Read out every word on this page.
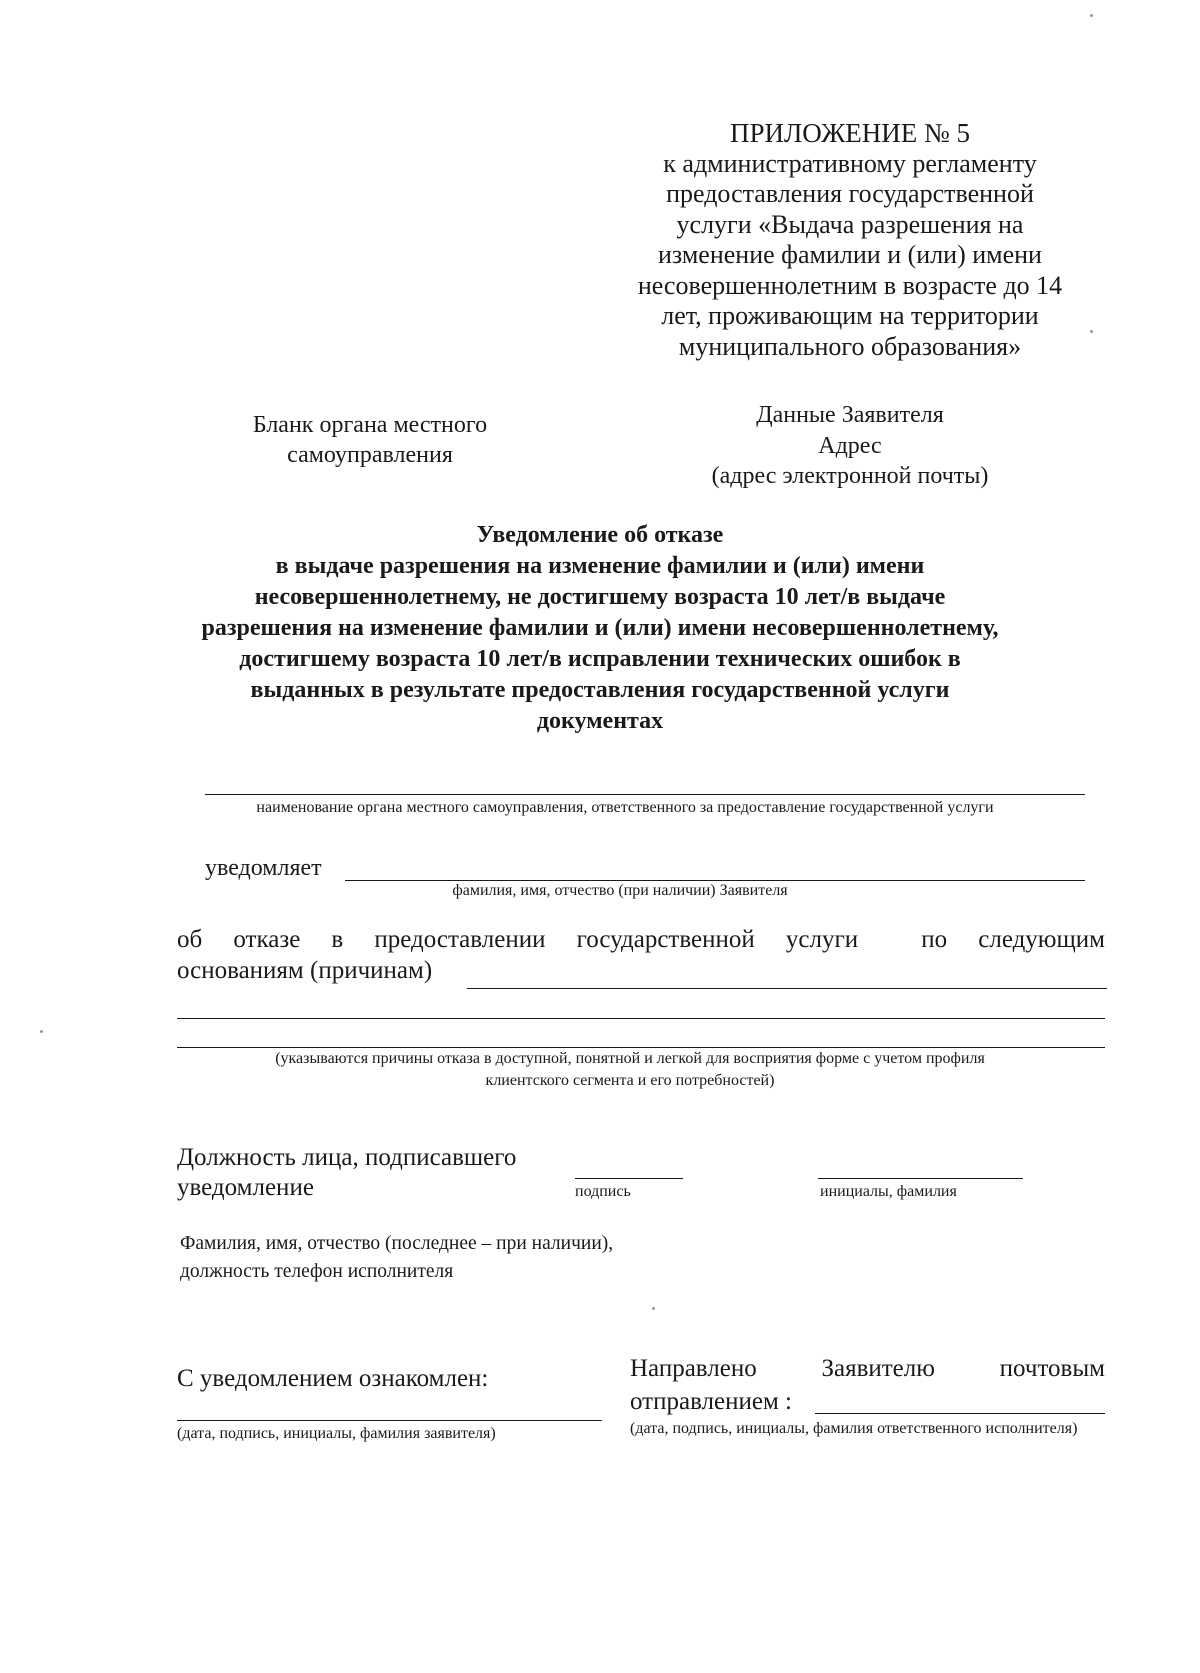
ПРИЛОЖЕНИЕ № 5
к административному регламенту
предоставления государственной
услуги «Выдача разрешения на
изменение фамилии и (или) имени
несовершеннолетним в возрасте до 14
лет, проживающим на территории
муниципального образования»
Бланк органа местного
самоуправления
Данные Заявителя
Адрес
(адрес электронной почты)
Уведомление об отказе
в выдаче разрешения на изменение фамилии и (или) имени
несовершеннолетнему, не достигшему возраста 10 лет/в выдаче
разрешения на изменение фамилии и (или) имени несовершеннолетнему,
достигшему возраста 10 лет/в исправлении технических ошибок в
выданных в результате предоставления государственной услуги
документах
наименование органа местного самоуправления, ответственного за предоставление государственной услуги
уведомляет
фамилия, имя, отчество (при наличии) Заявителя
об отказе в предоставлении государственной услуги	по следующим
основаниям (причинам)
(указываются причины отказа в доступной, понятной и легкой для восприятия форме с учетом профиля
клиентского сегмента и его потребностей)
Должность лица, подписавшего
уведомление	подпись	инициалы, фамилия
Фамилия, имя, отчество (последнее – при наличии),
должность телефон исполнителя
С уведомлением ознакомлен:
(дата, подпись, инициалы, фамилия заявителя)
Направлено	Заявителю	почтовым
отправлением :
(дата, подпись, инициалы, фамилия ответственного исполнителя)
